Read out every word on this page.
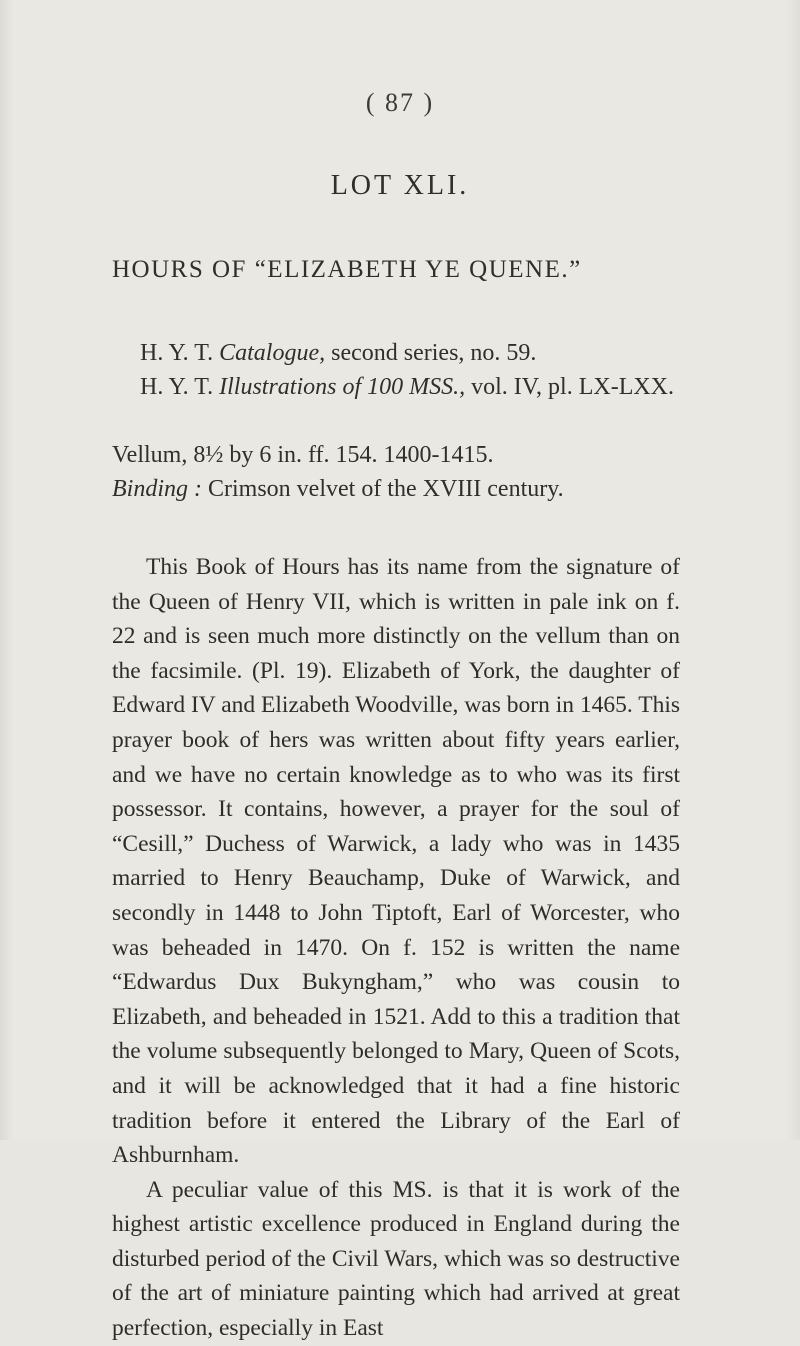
( 87 )
LOT XLI.
HOURS OF “ELIZABETH YE QUENE.”
H. Y. T. Catalogue, second series, no. 59.
H. Y. T. Illustrations of 100 MSS., vol. IV, pl. LX-LXX.
Vellum, 8½ by 6 in. ff. 154. 1400-1415.
Binding : Crimson velvet of the XVIII century.

This Book of Hours has its name from the signature of the Queen of Henry VII, which is written in pale ink on f. 22 and is seen much more distinctly on the vellum than on the facsimile. (Pl. 19). Elizabeth of York, the daughter of Edward IV and Elizabeth Woodville, was born in 1465. This prayer book of hers was written about fifty years earlier, and we have no certain knowledge as to who was its first possessor. It contains, however, a prayer for the soul of “Cesill,” Duchess of Warwick, a lady who was in 1435 married to Henry Beauchamp, Duke of Warwick, and secondly in 1448 to John Tiptoft, Earl of Worcester, who was beheaded in 1470. On f. 152 is written the name “Edwardus Dux Bukyngham,” who was cousin to Elizabeth, and beheaded in 1521. Add to this a tradition that the volume subsequently belonged to Mary, Queen of Scots, and it will be acknowledged that it had a fine historic tradition before it entered the Library of the Earl of Ashburnham.

A peculiar value of this MS. is that it is work of the highest artistic excellence produced in England during the disturbed period of the Civil Wars, which was so destructive of the art of miniature painting which had arrived at great perfection, especially in East
